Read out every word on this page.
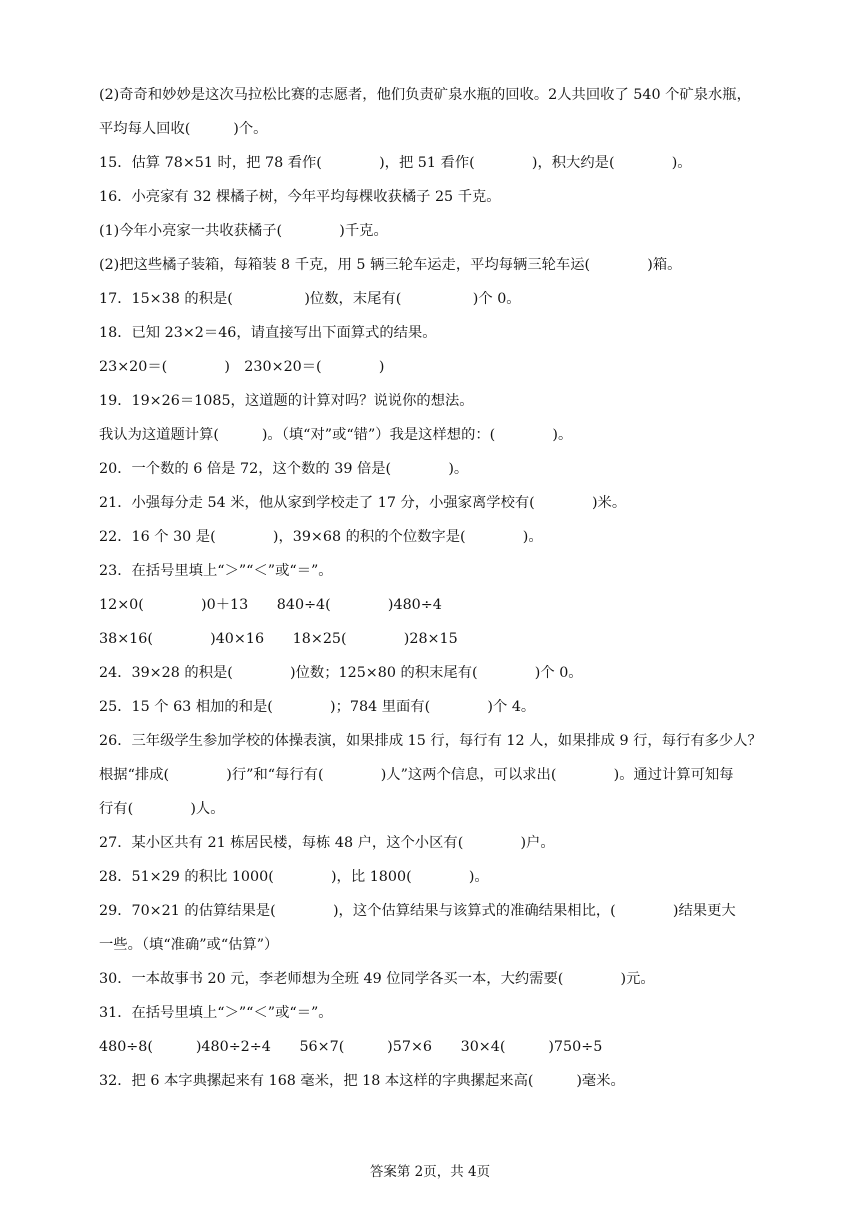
(2)奇奇和妙妙是这次马拉松比赛的志愿者，他们负责矿泉水瓶的回收。2人共回收了 540 个矿泉水瓶，
平均每人回收(　　　)个。
15．估算 78×51 时，把 78 看作(　　　　)，把 51 看作(　　　　)，积大约是(　　　　)。
16．小亮家有 32 棵橘子树，今年平均每棵收获橘子 25 千克。
(1)今年小亮家一共收获橘子(　　　　)千克。
(2)把这些橘子装箱，每箱装 8 千克，用 5 辆三轮车运走，平均每辆三轮车运(　　　　)箱。
17．15×38 的积是(　　　　　)位数，末尾有(　　　　　)个 0。
18．已知 23×2＝46，请直接写出下面算式的结果。
23×20＝(　　　　)　230×20＝(　　　　)
19．19×26＝1085，这道题的计算对吗？说说你的想法。
我认为这道题计算(　　　)。（填“对”或“错”）我是这样想的：(　　　　)。
20．一个数的 6 倍是 72，这个数的 39 倍是(　　　　)。
21．小强每分走 54 米，他从家到学校走了 17 分，小强家离学校有(　　　　)米。
22．16 个 30 是(　　　　)，39×68 的积的个位数字是(　　　　)。
23．在括号里填上“＞”“＜”或“＝”。
12×0(　　　　)0＋13　　840÷4(　　　　)480÷4
38×16(　　　　)40×16　　18×25(　　　　)28×15
24．39×28 的积是(　　　　)位数；125×80 的积末尾有(　　　　)个 0。
25．15 个 63 相加的和是(　　　　)；784 里面有(　　　　)个 4。
26．三年级学生参加学校的体操表演，如果排成 15 行，每行有 12 人，如果排成 9 行，每行有多少人？
根据“排成(　　　　)行”和“每行有(　　　　)人”这两个信息，可以求出(　　　　)。通过计算可知每
行有(　　　　)人。
27．某小区共有 21 栋居民楼，每栋 48 户，这个小区有(　　　　)户。
28．51×29 的积比 1000(　　　　)，比 1800(　　　　)。
29．70×21 的估算结果是(　　　　)，这个估算结果与该算式的准确结果相比，(　　　　)结果更大
一些。（填“准确”或“估算”）
30．一本故事书 20 元，李老师想为全班 49 位同学各买一本，大约需要(　　　　)元。
31．在括号里填上“＞”“＜”或“＝”。
480÷8(　　　)480÷2÷4　　56×7(　　　)57×6　　30×4(　　　)750÷5
32．把 6 本字典摞起来有 168 毫米，把 18 本这样的字典摞起来高(　　　)毫米。
答案第 2页，共 4页
